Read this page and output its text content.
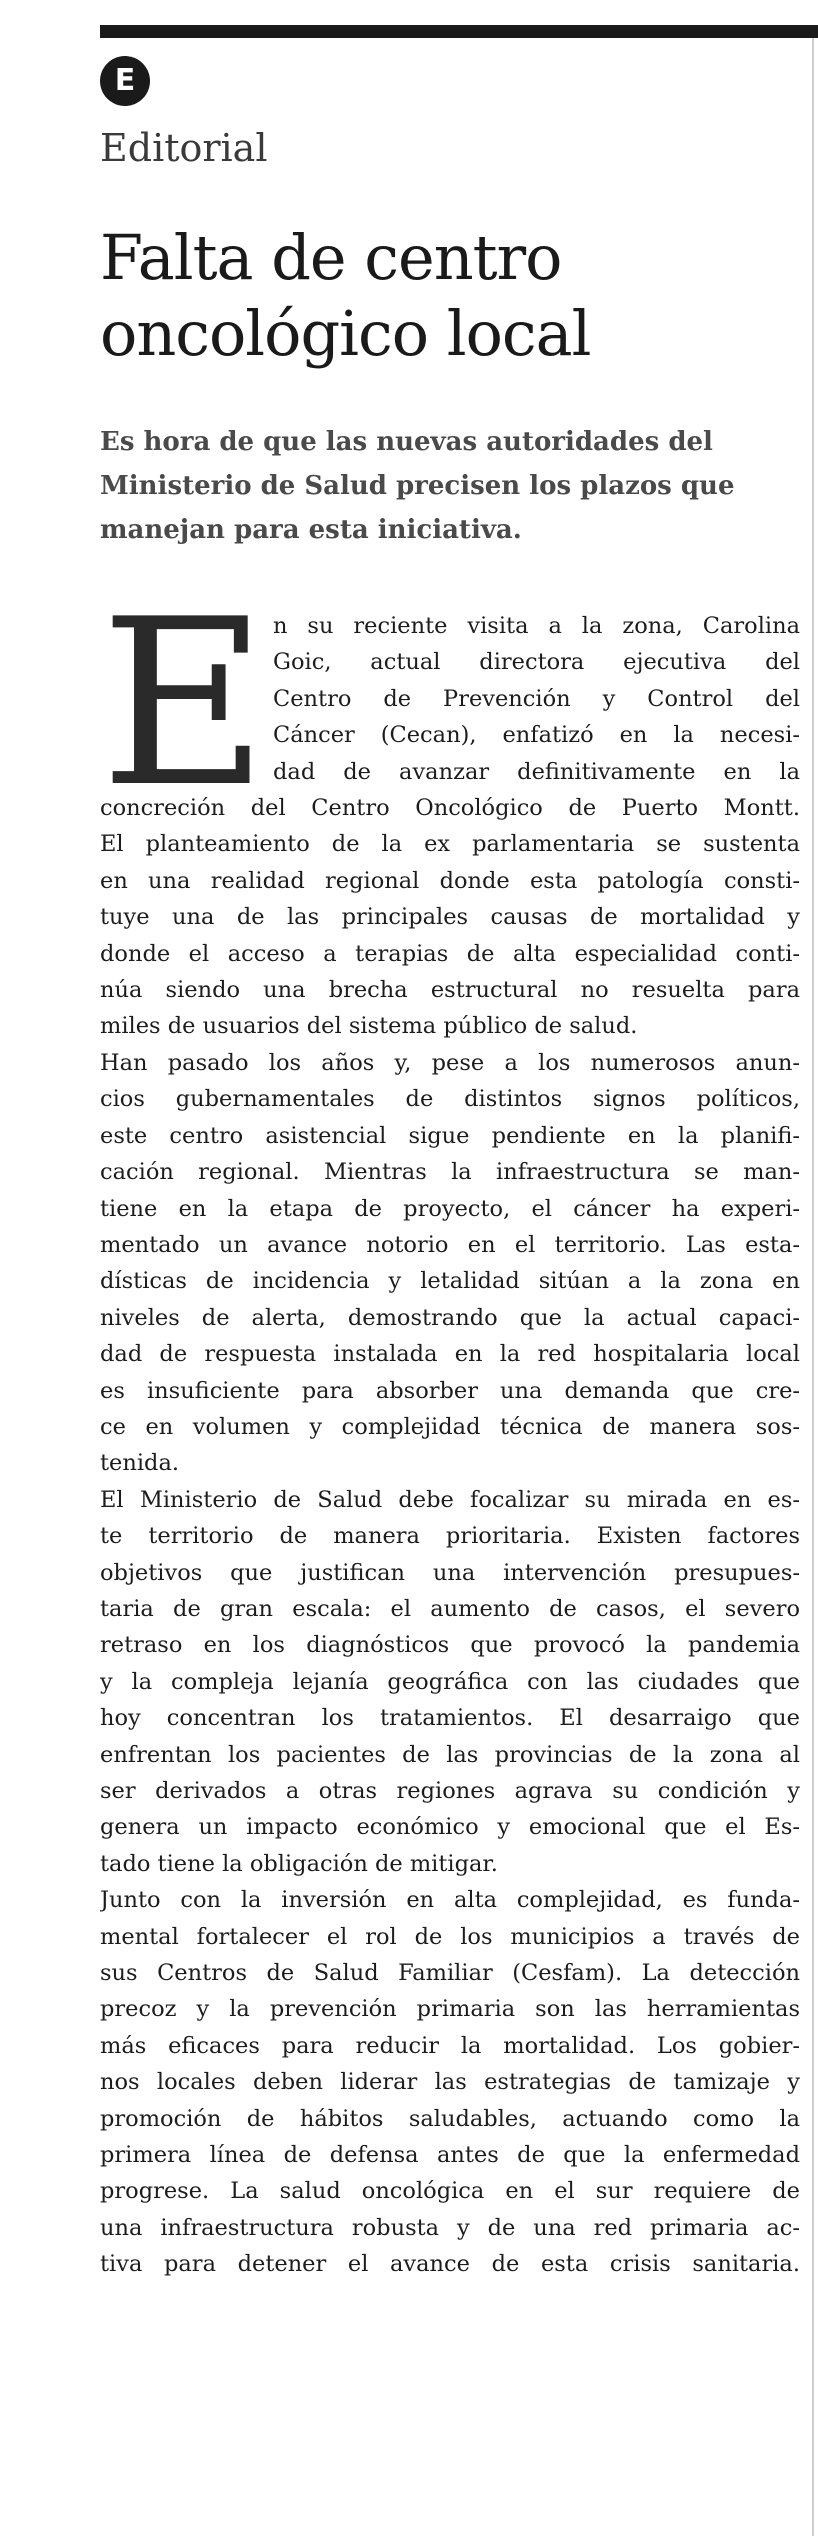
E
Editorial
Falta de centro
oncológico local
Es hora de que las nuevas autoridades del
Ministerio de Salud precisen los plazos que
manejan para esta iniciativa.
E n su reciente visita a la zona, Carolina
Goic, actual directora ejecutiva del
Centro de Prevención y Control del
Cáncer (Cecan), enfatizó en la necesi-
dad de avanzar definitivamente en la
concreción del Centro Oncológico de Puerto Montt.
El planteamiento de la ex parlamentaria se sustenta
en una realidad regional donde esta patología consti-
tuye una de las principales causas de mortalidad y
donde el acceso a terapias de alta especialidad conti-
núa siendo una brecha estructural no resuelta para
miles de usuarios del sistema público de salud.
Han pasado los años y, pese a los numerosos anun-
cios gubernamentales de distintos signos políticos,
este centro asistencial sigue pendiente en la planifi-
cación regional. Mientras la infraestructura se man-
tiene en la etapa de proyecto, el cáncer ha experi-
mentado un avance notorio en el territorio. Las esta-
dísticas de incidencia y letalidad sitúan a la zona en
niveles de alerta, demostrando que la actual capaci-
dad de respuesta instalada en la red hospitalaria local
es insuficiente para absorber una demanda que cre-
ce en volumen y complejidad técnica de manera sos-
tenida.
El Ministerio de Salud debe focalizar su mirada en es-
te territorio de manera prioritaria. Existen factores
objetivos que justifican una intervención presupues-
taria de gran escala: el aumento de casos, el severo
retraso en los diagnósticos que provocó la pandemia
y la compleja lejanía geográfica con las ciudades que
hoy concentran los tratamientos. El desarraigo que
enfrentan los pacientes de las provincias de la zona al
ser derivados a otras regiones agrava su condición y
genera un impacto económico y emocional que el Es-
tado tiene la obligación de mitigar.
Junto con la inversión en alta complejidad, es funda-
mental fortalecer el rol de los municipios a través de
sus Centros de Salud Familiar (Cesfam). La detección
precoz y la prevención primaria son las herramientas
más eficaces para reducir la mortalidad. Los gobier-
nos locales deben liderar las estrategias de tamizaje y
promoción de hábitos saludables, actuando como la
primera línea de defensa antes de que la enfermedad
progrese. La salud oncológica en el sur requiere de
una infraestructura robusta y de una red primaria ac-
tiva para detener el avance de esta crisis sanitaria.
